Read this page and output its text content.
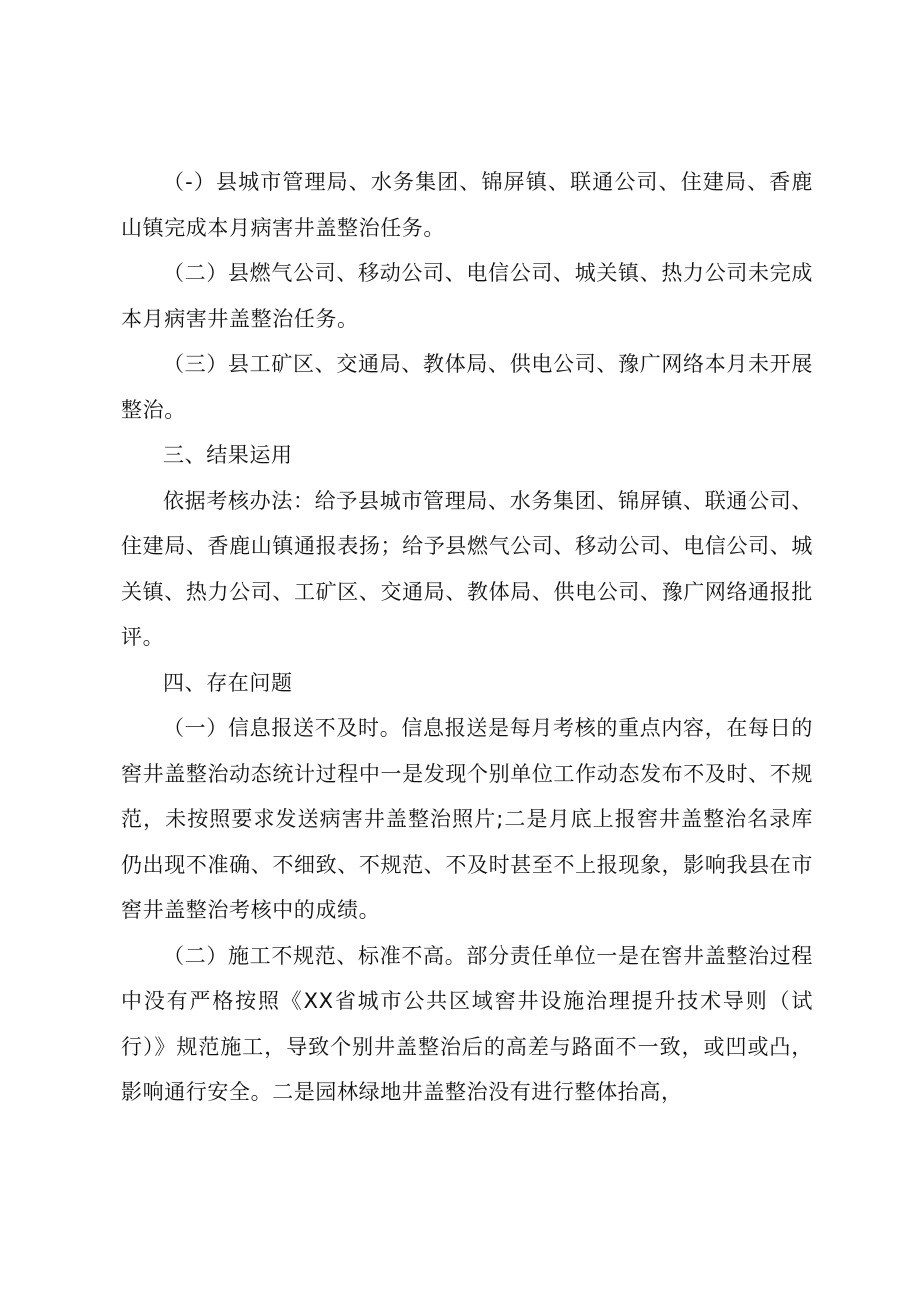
（-）县城市管理局、水务集团、锦屏镇、联通公司、住建局、香鹿山镇完成本月病害井盖整治任务。

（二）县燃气公司、移动公司、电信公司、城关镇、热力公司未完成本月病害井盖整治任务。

（三）县工矿区、交通局、教体局、供电公司、豫广网络本月未开展整治。

三、结果运用

依据考核办法：给予县城市管理局、水务集团、锦屏镇、联通公司、住建局、香鹿山镇通报表扬；给予县燃气公司、移动公司、电信公司、城关镇、热力公司、工矿区、交通局、教体局、供电公司、豫广网络通报批评。

四、存在问题

（一）信息报送不及时。信息报送是每月考核的重点内容，在每日的窖井盖整治动态统计过程中一是发现个别单位工作动态发布不及时、不规范，未按照要求发送病害井盖整治照片;二是月底上报窖井盖整治名录库仍出现不准确、不细致、不规范、不及时甚至不上报现象，影响我县在市窖井盖整治考核中的成绩。

（二）施工不规范、标准不高。部分责任单位一是在窖井盖整治过程中没有严格按照《XX省城市公共区域窖井设施治理提升技术导则（试行）》规范施工，导致个别井盖整治后的高差与路面不一致，或凹或凸，影响通行安全。二是园林绿地井盖整治没有进行整体抬高，
